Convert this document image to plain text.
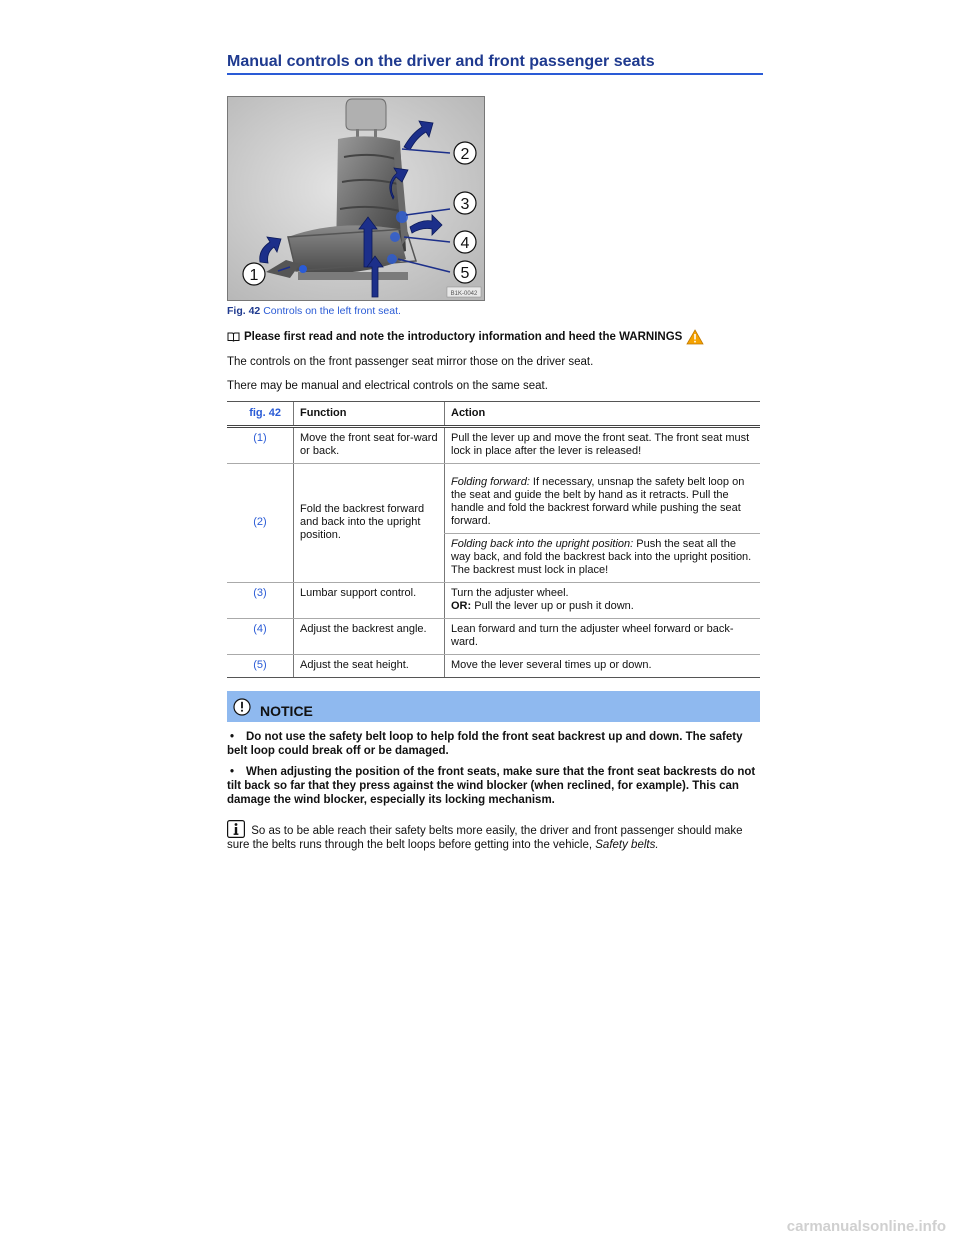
Manual controls on the driver and front passenger seats
2
3
4
5
1
B1K-0042
Fig. 42 Controls on the left front seat.

Please first read and note the introductory information and heed the WARNINGS

The controls on the front passenger seat mirror those on the driver seat.

There may be manual and electrical controls on the same seat.

fig. 42	Function	Action
(1)	Move the front seat for-ward or back.	Pull the lever up and move the front seat. The front seat must lock in place after the lever is released!
(2)	Fold the backrest forward and back into the upright position.	Folding forward: If necessary, unsnap the safety belt loop on the seat and guide the belt by hand as it retracts. Pull the handle and fold the backrest forward while pushing the seat forward.
		Folding back into the upright position: Push the seat all the way back, and fold the backrest back into the upright position. The backrest must lock in place!
(3)	Lumbar support control.	Turn the adjuster wheel.
OR: Pull the lever up or push it down.
(4)	Adjust the backrest angle.	Lean forward and turn the adjuster wheel forward or back-ward.
(5)	Adjust the seat height.	Move the lever several times up or down.
NOTICE
• Do not use the safety belt loop to help fold the front seat backrest up and down. The safety belt loop could break off or be damaged.
• When adjusting the position of the front seats, make sure that the front seat backrests do not tilt back so far that they press against the wind blocker (when reclined, for example). This can damage the wind blocker, especially its locking mechanism.
So as to be able reach their safety belts more easily, the driver and front passenger should make sure the belts runs through the belt loops before getting into the vehicle, Safety belts.
carmanualsonline.info
